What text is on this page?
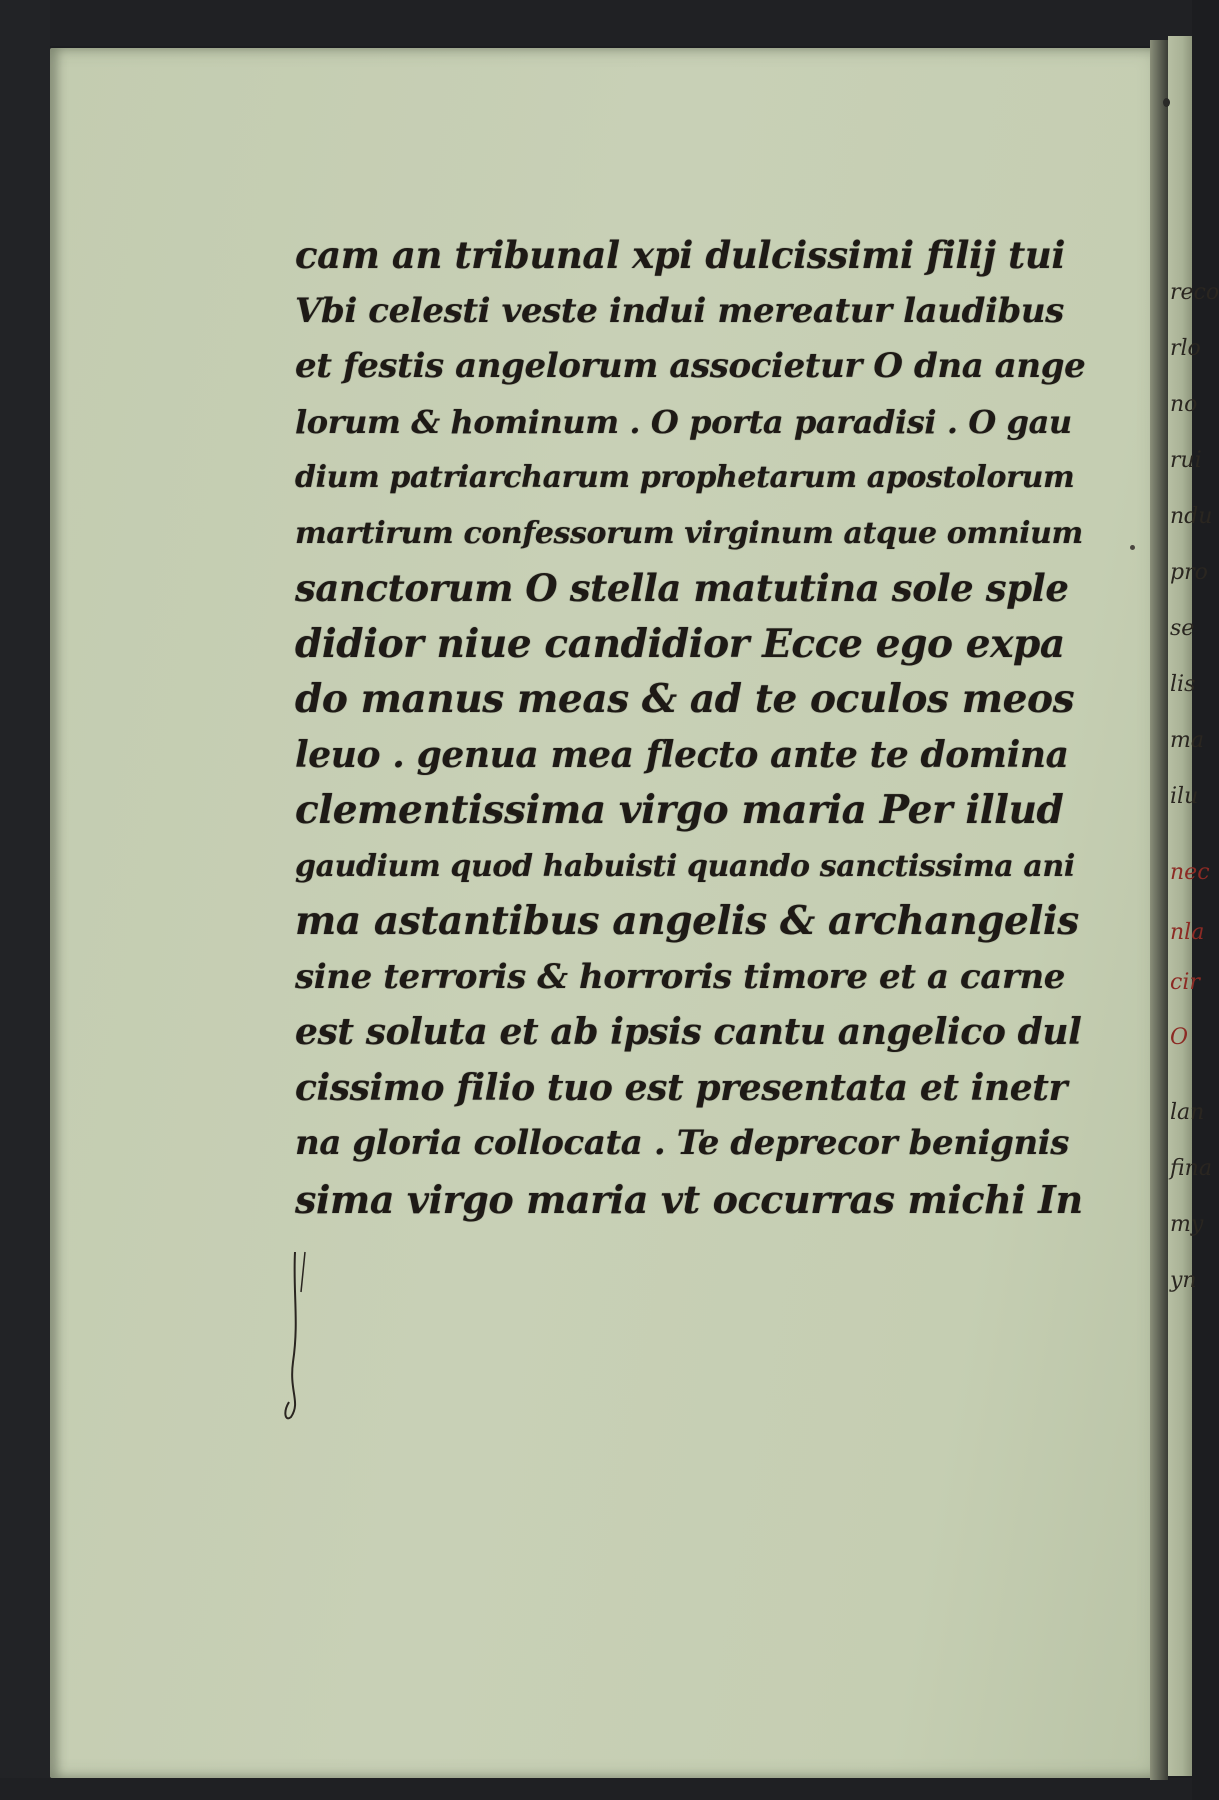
reco
rlo
no
rui
ndu
pro
se
lis
ma
ilu
nec
nla
cir
O
lan
fina
my
yn
cam an tribunal xpi dulcissimi filij tui
Vbi celesti veste indui mereatur laudibus
et festis angelorum associetur O dna ange
lorum & hominum . O porta paradisi . O gau
dium patriarcharum prophetarum apostolorum
martirum confessorum virginum atque omnium
sanctorum O stella matutina sole sple
didior niue candidior Ecce ego expa
do manus meas & ad te oculos meos
leuo . genua mea flecto ante te domina
clementissima virgo maria Per illud
gaudium quod habuisti quando sanctissima ani
ma astantibus angelis & archangelis
sine terroris & horroris timore et a carne
est soluta et ab ipsis cantu angelico dul
cissimo filio tuo est presentata et inetr
na gloria collocata . Te deprecor benignis
sima virgo maria vt occurras michi In
